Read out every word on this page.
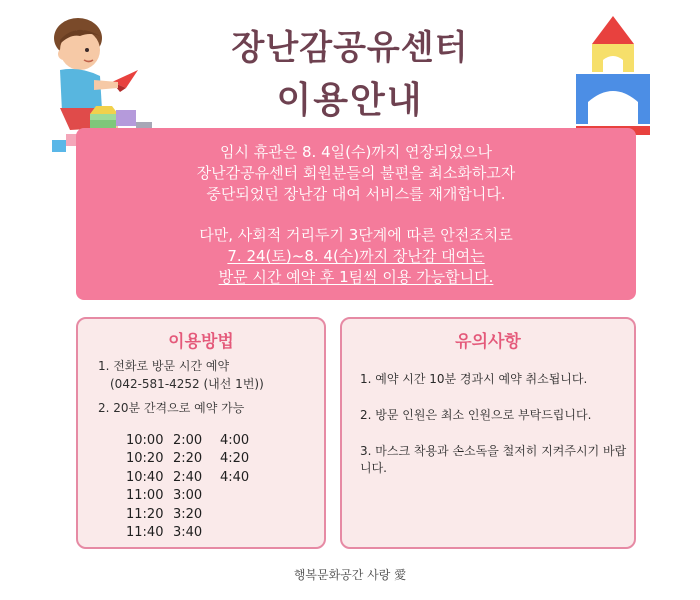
장난감공유센터
이용안내
임시 휴관은 8. 4일(수)까지 연장되었으나
장난감공유센터 회원분들의 불편을 최소화하고자
중단되었던 장난감 대여 서비스를 재개합니다.
다만, 사회적 거리두기 3단계에 따른 안전조치로
7. 24(토)~8. 4(수)까지 장난감 대여는
방문 시간 예약 후 1팀씩 이용 가능합니다.
이용방법
1. 전화로 방문 시간 예약
(042-581-4252 (내선 1번))
2. 20분 간격으로 예약 가능
10:00 2:00	4:00
10:20 2:20	4:20
10:40 2:40	4:40
11:00 3:00
11:20 3:20
11:40 3:40
유의사항
1. 예약 시간 10분 경과시 예약 취소됩니다.
2. 방문 인원은 최소 인원으로 부탁드립니다.
3. 마스크 착용과 손소독을 철저히 지켜주시기 바랍니다.
행복문화공간 사랑 愛
